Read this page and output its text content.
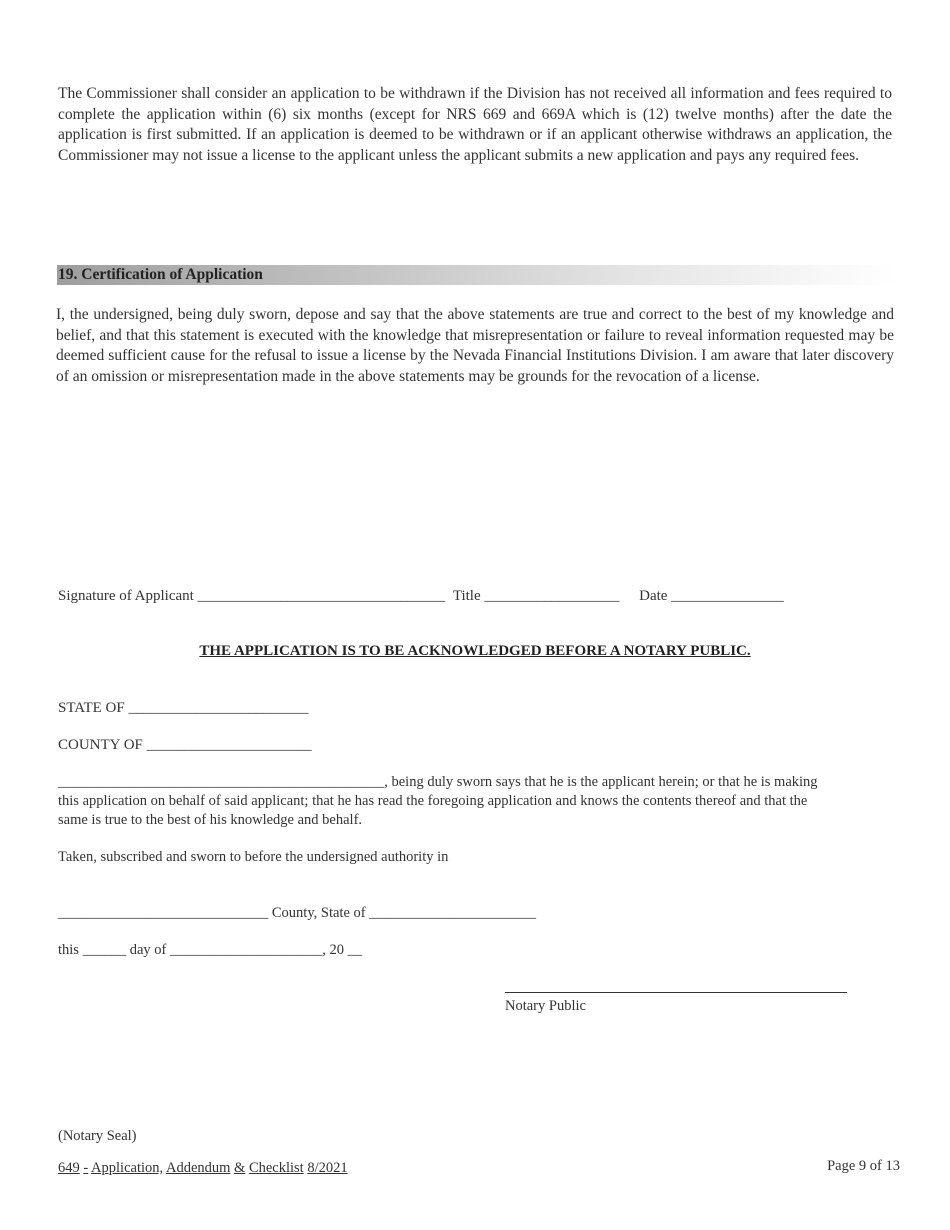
The Commissioner shall consider an application to be withdrawn if the Division has not received all information and fees required to complete the application within (6) six months (except for NRS 669 and 669A which is (12) twelve months) after the date the application is first submitted. If an application is deemed to be withdrawn or if an applicant otherwise withdraws an application, the Commissioner may not issue a license to the applicant unless the applicant submits a new application and pays any required fees.

19. Certification of Application

I, the undersigned, being duly sworn, depose and say that the above statements are true and correct to the best of my knowledge and belief, and that this statement is executed with the knowledge that misrepresentation or failure to reveal information requested may be deemed sufficient cause for the refusal to issue a license by the Nevada Financial Institutions Division. I am aware that later discovery of an omission or misrepresentation made in the above statements may be grounds for the revocation of a license.

Signature of Applicant _________________________________ Title __________________ Date _______________
THE APPLICATION IS TO BE ACKNOWLEDGED BEFORE A NOTARY PUBLIC.
STATE OF ________________________
COUNTY OF ______________________
_____________________________________________, being duly sworn says that he is the applicant herein; or that he is making
this application on behalf of said applicant; that he has read the foregoing application and knows the contents thereof and that the
same is true to the best of his knowledge and behalf.
Taken, subscribed and sworn to before the undersigned authority in
_____________________________ County, State of _______________________
this ______ day of _____________________, 20 __
Notary Public
(Notary Seal)
649 - Application, Addendum & Checklist 8/2021	Page 9 of 13
